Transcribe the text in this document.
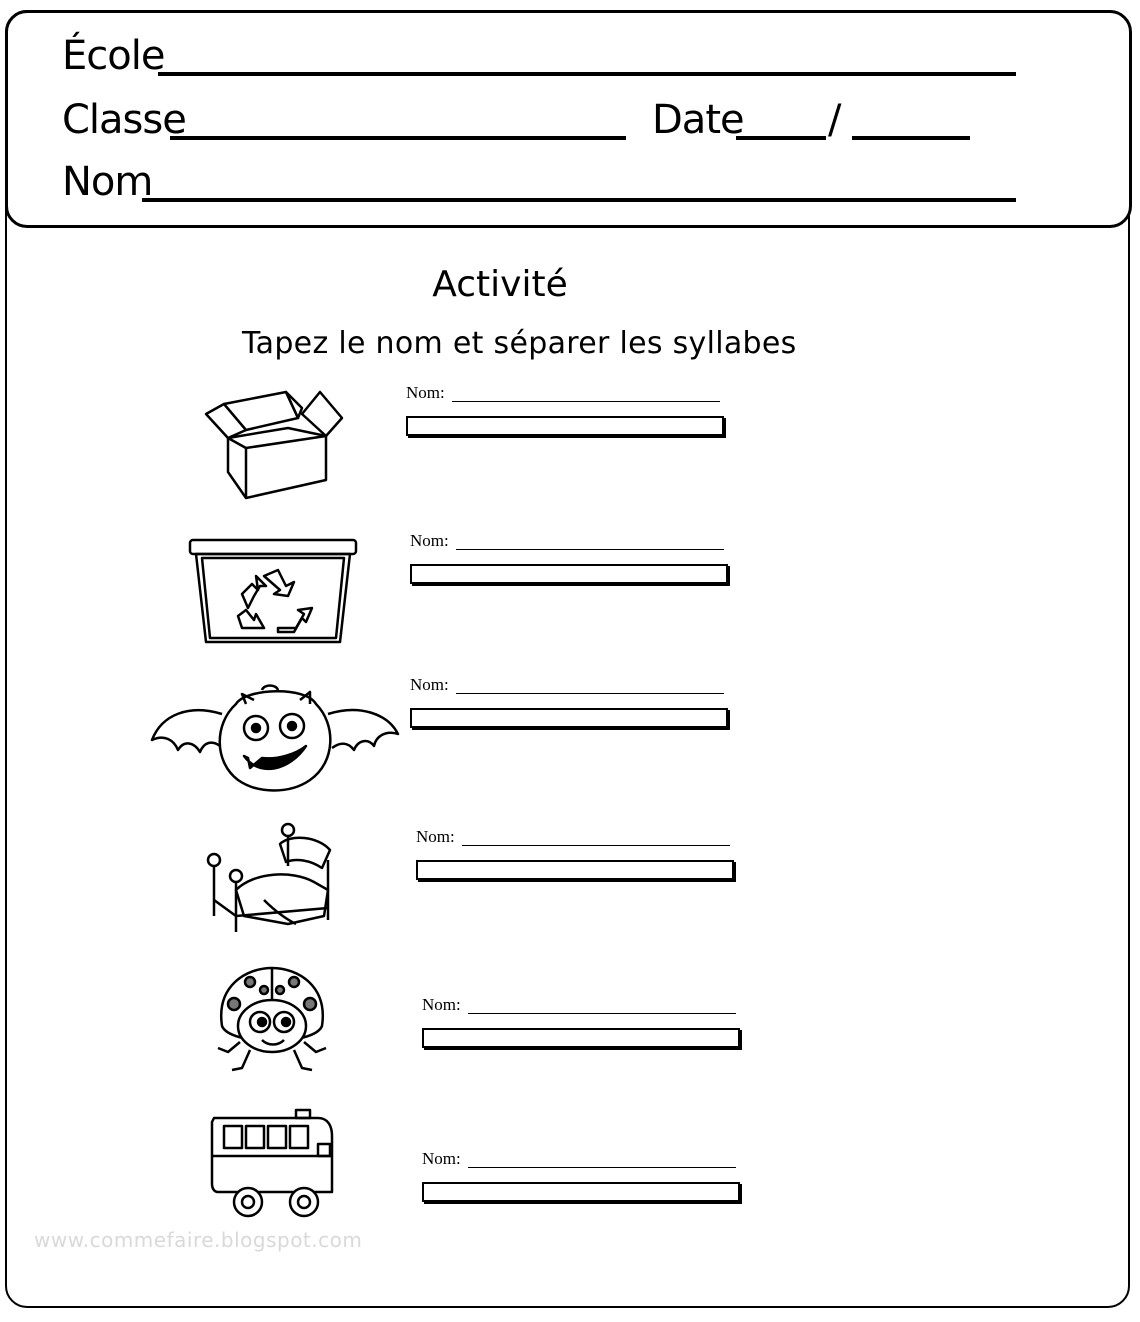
École
Classe	Date /
Nom
Activité
Tapez le nom et séparer les syllabes
Nom:
Nom:
Nom:
Nom:
Nom:
Nom:
www.commefaire.blogspot.com
